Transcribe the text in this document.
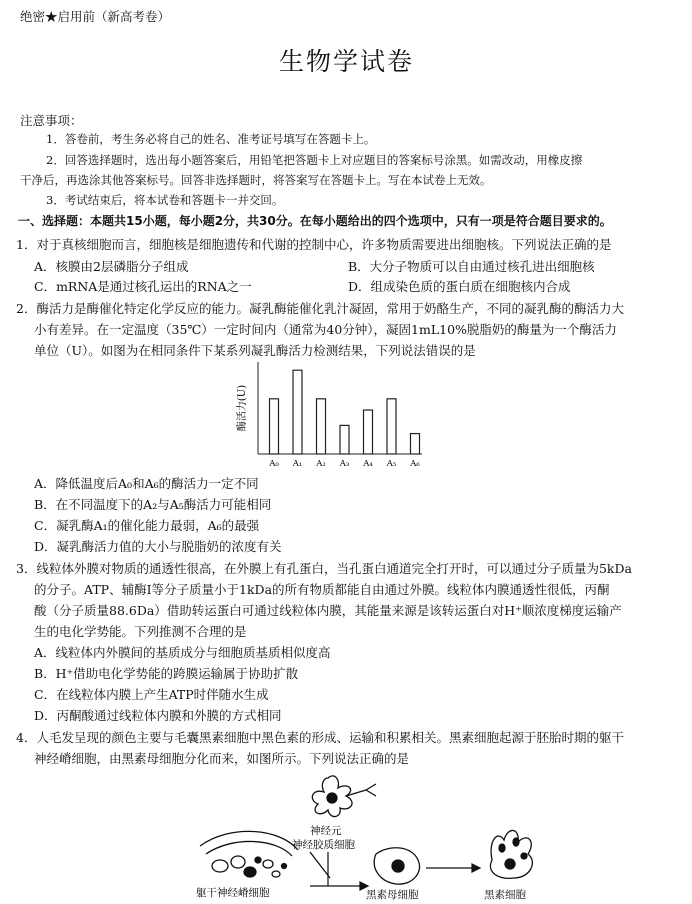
绝密★启用前（新高考卷）
生物学试卷
注意事项：
1．答卷前，考生务必将自己的姓名、准考证号填写在答题卡上。
2．回答选择题时，选出每小题答案后，用铅笔把答题卡上对应题目的答案标号涂黑。如需改动，用橡皮擦
干净后，再选涂其他答案标号。回答非选择题时，将答案写在答题卡上。写在本试卷上无效。
3．考试结束后，将本试卷和答题卡一并交回。
一、选择题：本题共15小题，每小题2分，共30分。在每小题给出的四个选项中，只有一项是符合题目要求的。
1．对于真核细胞而言，细胞核是细胞遗传和代谢的控制中心，许多物质需要进出细胞核。下列说法正确的是
A．核膜由2层磷脂分子组成	B．大分子物质可以自由通过核孔进出细胞核
C．mRNA是通过核孔运出的RNA之一	D．组成染色质的蛋白质在细胞核内合成
2．酶活力是酶催化特定化学反应的能力。凝乳酶能催化乳汁凝固，常用于奶酪生产，不同的凝乳酶的酶活力大
小有差异。在一定温度（35℃）一定时间内（通常为40分钟），凝固1mL10%脱脂奶的酶量为一个酶活力
单位（U）。如图为在相同条件下某系列凝乳酶活力检测结果，下列说法错误的是
酶活力(U)
A₀ A₁ A₂ A₃ A₄ A₅ A₆
A．降低温度后A₀和A₆的酶活力一定不同
B．在不同温度下的A₂与A₅酶活力可能相同
C．凝乳酶A₁的催化能力最弱，A₆的最强
D．凝乳酶活力值的大小与脱脂奶的浓度有关
3．线粒体外膜对物质的通透性很高，在外膜上有孔蛋白，当孔蛋白通道完全打开时，可以通过分子质量为5kDa
的分子。ATP、辅酶Ⅰ等分子质量小于1kDa的所有物质都能自由通过外膜。线粒体内膜通透性很低，丙酮
酸（分子质量88.6Da）借助转运蛋白可通过线粒体内膜，其能量来源是该转运蛋白对H⁺顺浓度梯度运输产
生的电化学势能。下列推测不合理的是
A．线粒体内外膜间的基质成分与细胞质基质相似度高
B．H⁺借助电化学势能的跨膜运输属于协助扩散
C．在线粒体内膜上产生ATP时伴随水生成
D．丙酮酸通过线粒体内膜和外膜的方式相同
4．人毛发呈现的颜色主要与毛囊黑素细胞中黑色素的形成、运输和积累相关。黑素细胞起源于胚胎时期的躯干
神经嵴细胞，由黑素母细胞分化而来，如图所示。下列说法正确的是
神经元
神经胶质细胞
躯干神经嵴细胞	黑素母细胞	黑素细胞
